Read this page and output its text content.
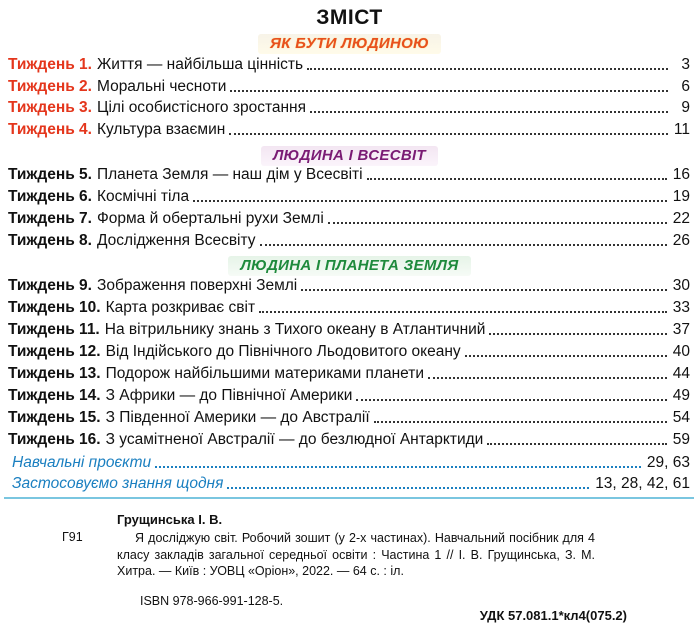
ЗМІСТ
ЯК БУТИ ЛЮДИНОЮ
Тиждень 1. Життя — найбільша цінність	3
Тиждень 2. Моральні чесноти	6
Тиждень 3. Цілі особистісного зростання	9
Тиждень 4. Культура взаємин	11
ЛЮДИНА І ВСЕСВІТ
Тиждень 5. Планета Земля — наш дім у Всесвіті	16
Тиждень 6. Космічні тіла	19
Тиждень 7. Форма й обертальні рухи Землі	22
Тиждень 8. Дослідження Всесвіту	26
ЛЮДИНА І ПЛАНЕТА ЗЕМЛЯ
Тиждень 9. Зображення поверхні Землі	30
Тиждень 10. Карта розкриває світ	33
Тиждень 11. На вітрильнику знань з Тихого океану в Атлантичний	37
Тиждень 12. Від Індійського до Північного Льодовитого океану	40
Тиждень 13. Подорож найбільшими материками планети	44
Тиждень 14. З Африки — до Північної Америки	49
Тиждень 15. З Південної Америки — до Австралії	54
Тиждень 16. З усамітненої Австралії — до безлюдної Антарктиди	59
Навчальні проєкти	29, 63
Застосовуємо знання щодня	13, 28, 42, 61
Г91
Грущинська І. В.
Я досліджую світ. Робочий зошит (у 2-х частинах). Навчальний посібник для 4 класу закладів загальної середньої освіти : Частина 1 // І. В. Грущинська, З. М. Хитра. — Київ : УОВЦ «Оріон», 2022. — 64 с. : іл.
ISBN 978-966-991-128-5.
УДК 57.081.1*кл4(075.2)
